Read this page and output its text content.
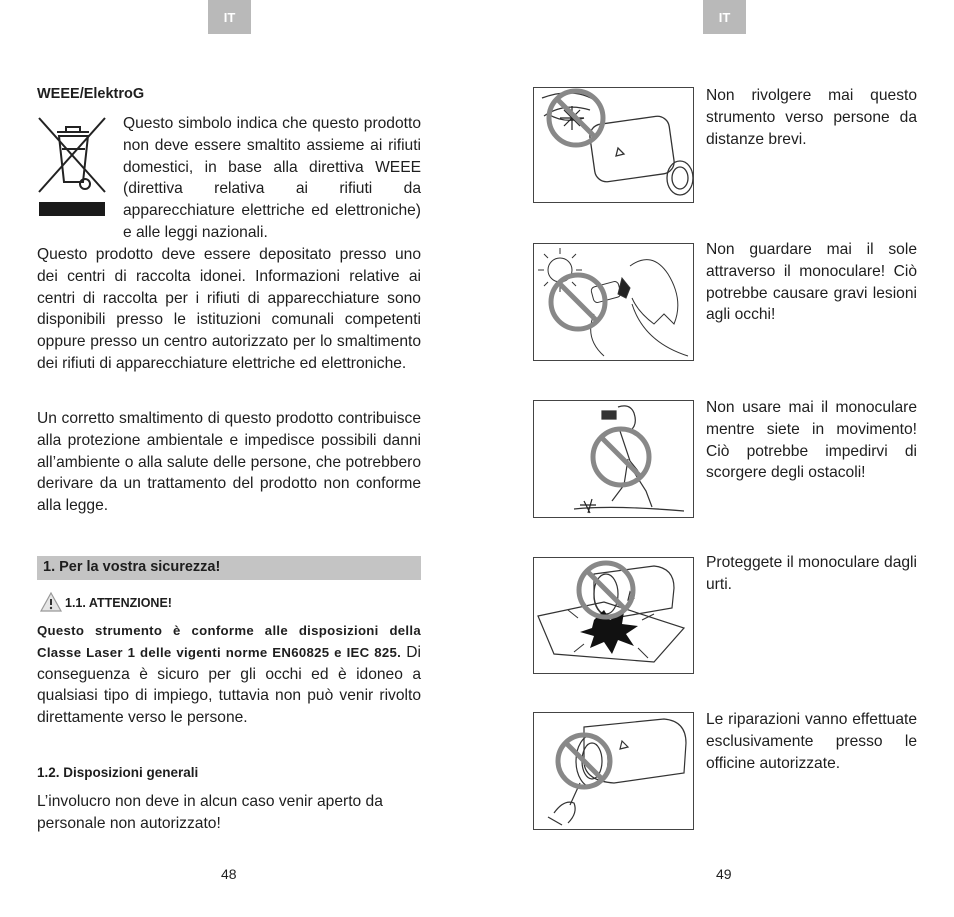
IT
WEEE/ElektroG
Questo simbolo indica che questo prodotto non deve essere smaltito assieme ai rifiuti domestici, in base alla direttiva WEEE (direttiva relativa ai rifiuti da apparecchiature elettriche ed elettroniche) e alle leggi nazionali.
Questo prodotto deve essere depositato presso uno dei centri di raccolta idonei. Informazioni relative ai centri di raccolta per i rifiuti di apparecchiature sono disponibili presso le istituzioni comunali competenti oppure presso un centro autorizzato per lo smaltimento dei rifiuti di apparecchiature elettriche ed elettroniche.
Un corretto smaltimento di questo prodotto contribuisce alla protezione ambientale e impedisce possibili danni all’ambiente o alla salute delle persone, che potrebbero derivare da un trattamento del prodotto non conforme alla legge.
1. Per la vostra sicurezza!
1.1. ATTENZIONE!
Questo strumento è conforme alle disposizioni della Classe Laser 1 delle vigenti norme EN60825 e IEC 825. Di conseguenza è sicuro per gli occhi ed è idoneo a qualsiasi tipo di impiego, tuttavia non può venir rivolto direttamente verso le persone.
1.2. Disposizioni generali
L’involucro non deve in alcun caso venir aperto da personale non autorizzato!
48
IT
Non rivolgere mai questo strumento verso persone da distanze brevi.
Non guardare mai il sole attraverso il monoculare! Ciò potrebbe causare gravi lesioni agli occhi!
Non usare mai il monoculare mentre siete in movimento! Ciò potrebbe impedirvi di scorgere degli ostacoli!
Proteggete il monoculare dagli urti.
Le riparazioni vanno effettuate esclusivamente presso le officine autorizzate.
49
